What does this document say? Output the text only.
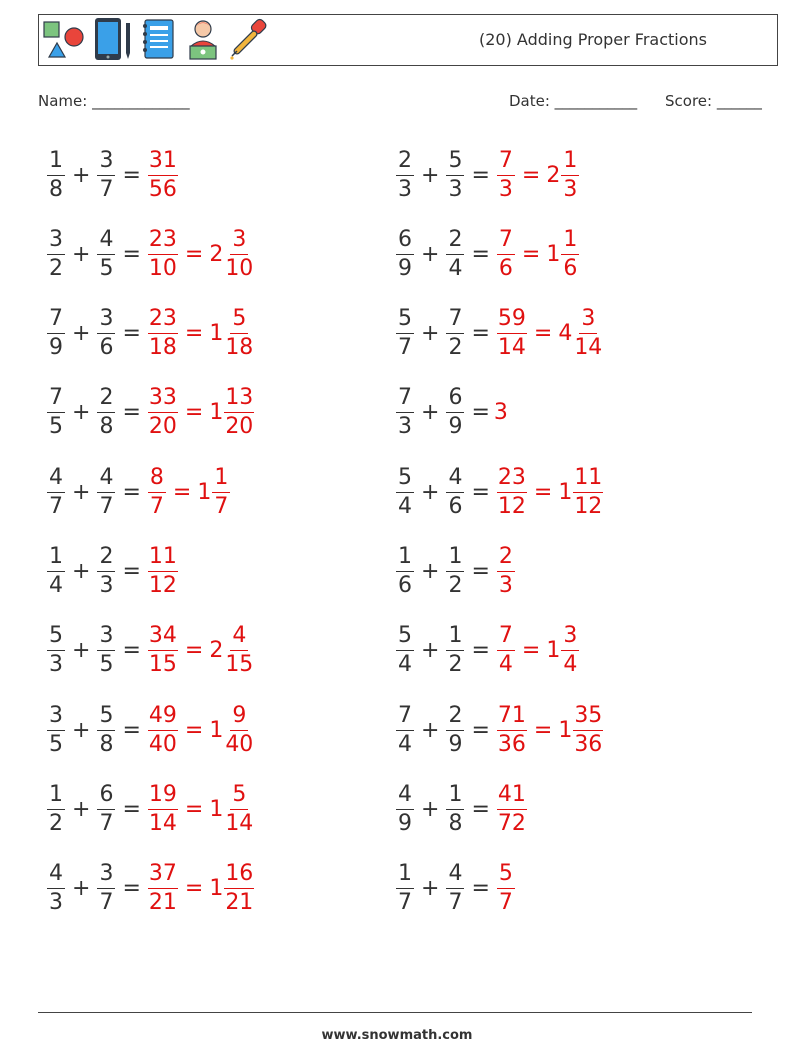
(20) Adding Proper Fractions
Name: _____________	Date: ___________ Score: ______
$\frac{1}{8} + \frac{3}{7} = \frac{31}{56}$	$\frac{2}{3} + \frac{5}{3} = \frac{7}{3} = 2 \frac{1}{3}$
$\frac{3}{2} + \frac{4}{5} = \frac{23}{10} = 2 \frac{3}{10}$	$\frac{6}{9} + \frac{2}{4} = \frac{7}{6} = 1 \frac{1}{6}$
$\frac{7}{9} + \frac{3}{6} = \frac{23}{18} = 1 \frac{5}{18}$	$\frac{5}{7} + \frac{7}{2} = \frac{59}{14} = 4 \frac{3}{14}$
$\frac{7}{5} + \frac{2}{8} = \frac{33}{20} = 1 \frac{13}{20}$	$\frac{7}{3} + \frac{6}{9} = 3$
$\frac{4}{7} + \frac{4}{7} = \frac{8}{7} = 1 \frac{1}{7}$	$\frac{5}{4} + \frac{4}{6} = \frac{23}{12} = 1 \frac{11}{12}$
$\frac{1}{4} + \frac{2}{3} = \frac{11}{12}$	$\frac{1}{6} + \frac{1}{2} = \frac{2}{3}$
$\frac{5}{3} + \frac{3}{5} = \frac{34}{15} = 2 \frac{4}{15}$	$\frac{5}{4} + \frac{1}{2} = \frac{7}{4} = 1 \frac{3}{4}$
$\frac{3}{5} + \frac{5}{8} = \frac{49}{40} = 1 \frac{9}{40}$	$\frac{7}{4} + \frac{2}{9} = \frac{71}{36} = 1 \frac{35}{36}$
$\frac{1}{2} + \frac{6}{7} = \frac{19}{14} = 1 \frac{5}{14}$	$\frac{4}{9} + \frac{1}{8} = \frac{41}{72}$
$\frac{4}{3} + \frac{3}{7} = \frac{37}{21} = 1 \frac{16}{21}$	$\frac{1}{7} + \frac{4}{7} = \frac{5}{7}$
www.snowmath.com
